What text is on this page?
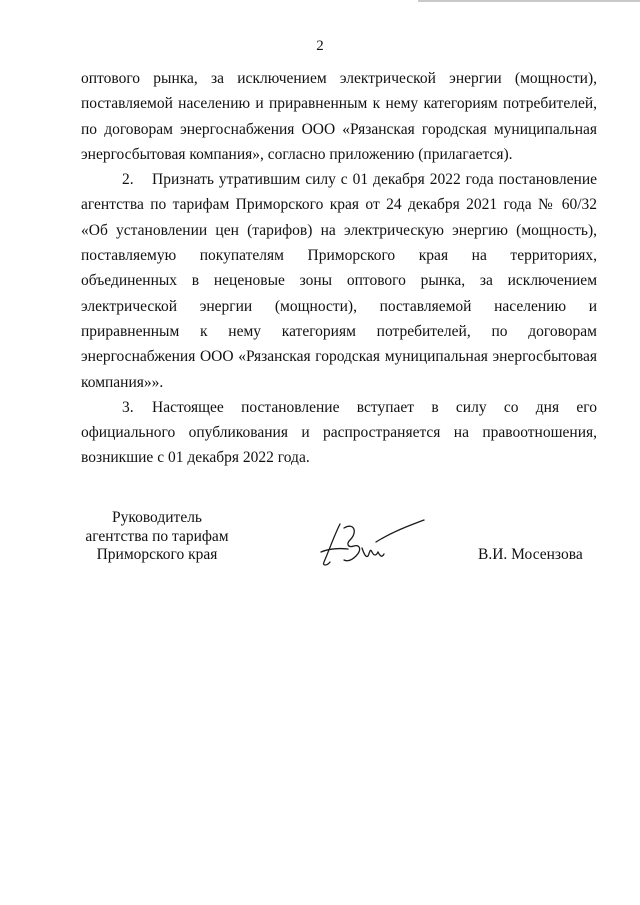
2

оптового рынка, за исключением электрической энергии (мощности), поставляемой населению и приравненным к нему категориям потребителей, по договорам энергоснабжения ООО «Рязанская городская муниципальная энергосбытовая компания», согласно приложению (прилагается).

2. Признать утратившим силу с 01 декабря 2022 года постановление агентства по тарифам Приморского края от 24 декабря 2021 года № 60/32 «Об установлении цен (тарифов) на электрическую энергию (мощность), поставляемую покупателям Приморского края на территориях, объединенных в неценовые зоны оптового рынка, за исключением электрической энергии (мощности), поставляемой населению и приравненным к нему категориям потребителей, по договорам энергоснабжения ООО «Рязанская городская муниципальная энергосбытовая компания»».

3. Настоящее постановление вступает в силу со дня его официального опубликования и распространяется на правоотношения, возникшие с 01 декабря 2022 года.

Руководитель
агентства по тарифам
Приморского края	В.И. Мосензова
